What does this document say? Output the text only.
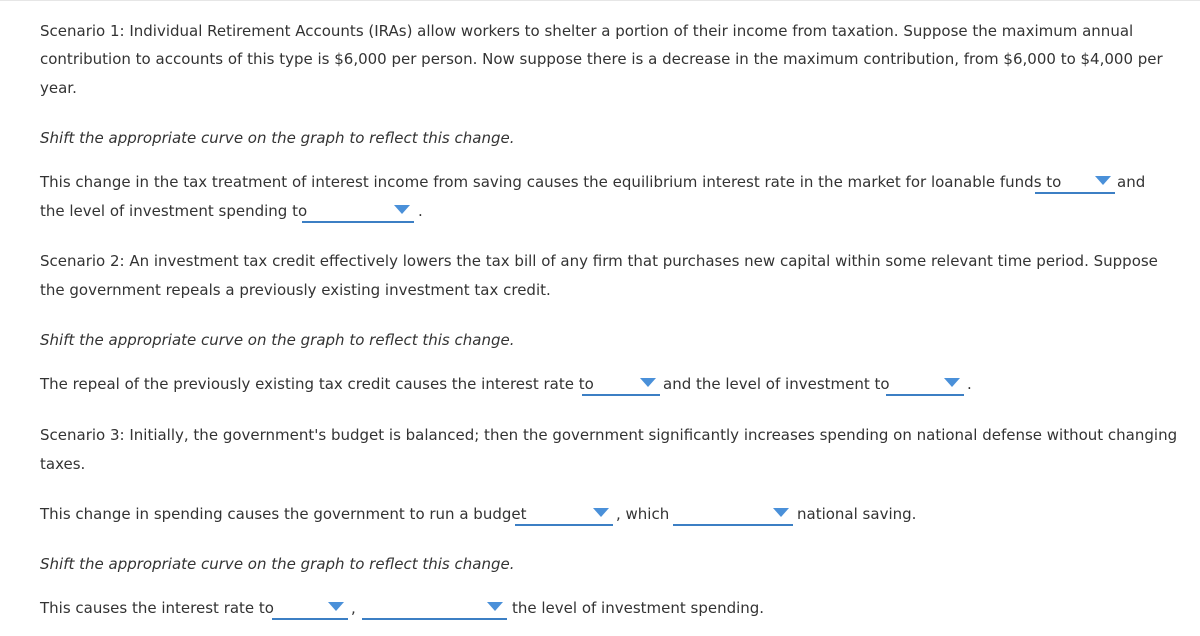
Scenario 1: Individual Retirement Accounts (IRAs) allow workers to shelter a portion of their income from taxation. Suppose the maximum annual
contribution to accounts of this type is $6,000 per person. Now suppose there is a decrease in the maximum contribution, from $6,000 to $4,000 per
year.
Shift the appropriate curve on the graph to reflect this change.
This change in the tax treatment of interest income from saving causes the equilibrium interest rate in the market for loanable funds to	and
the level of investment spending to	.
Scenario 2: An investment tax credit effectively lowers the tax bill of any firm that purchases new capital within some relevant time period. Suppose
the government repeals a previously existing investment tax credit.
Shift the appropriate curve on the graph to reflect this change.
The repeal of the previously existing tax credit causes the interest rate to	and the level of investment to	.
Scenario 3: Initially, the government's budget is balanced; then the government significantly increases spending on national defense without changing
taxes.
This change in spending causes the government to run a budget	, which	national saving.
Shift the appropriate curve on the graph to reflect this change.
This causes the interest rate to	,	the level of investment spending.
